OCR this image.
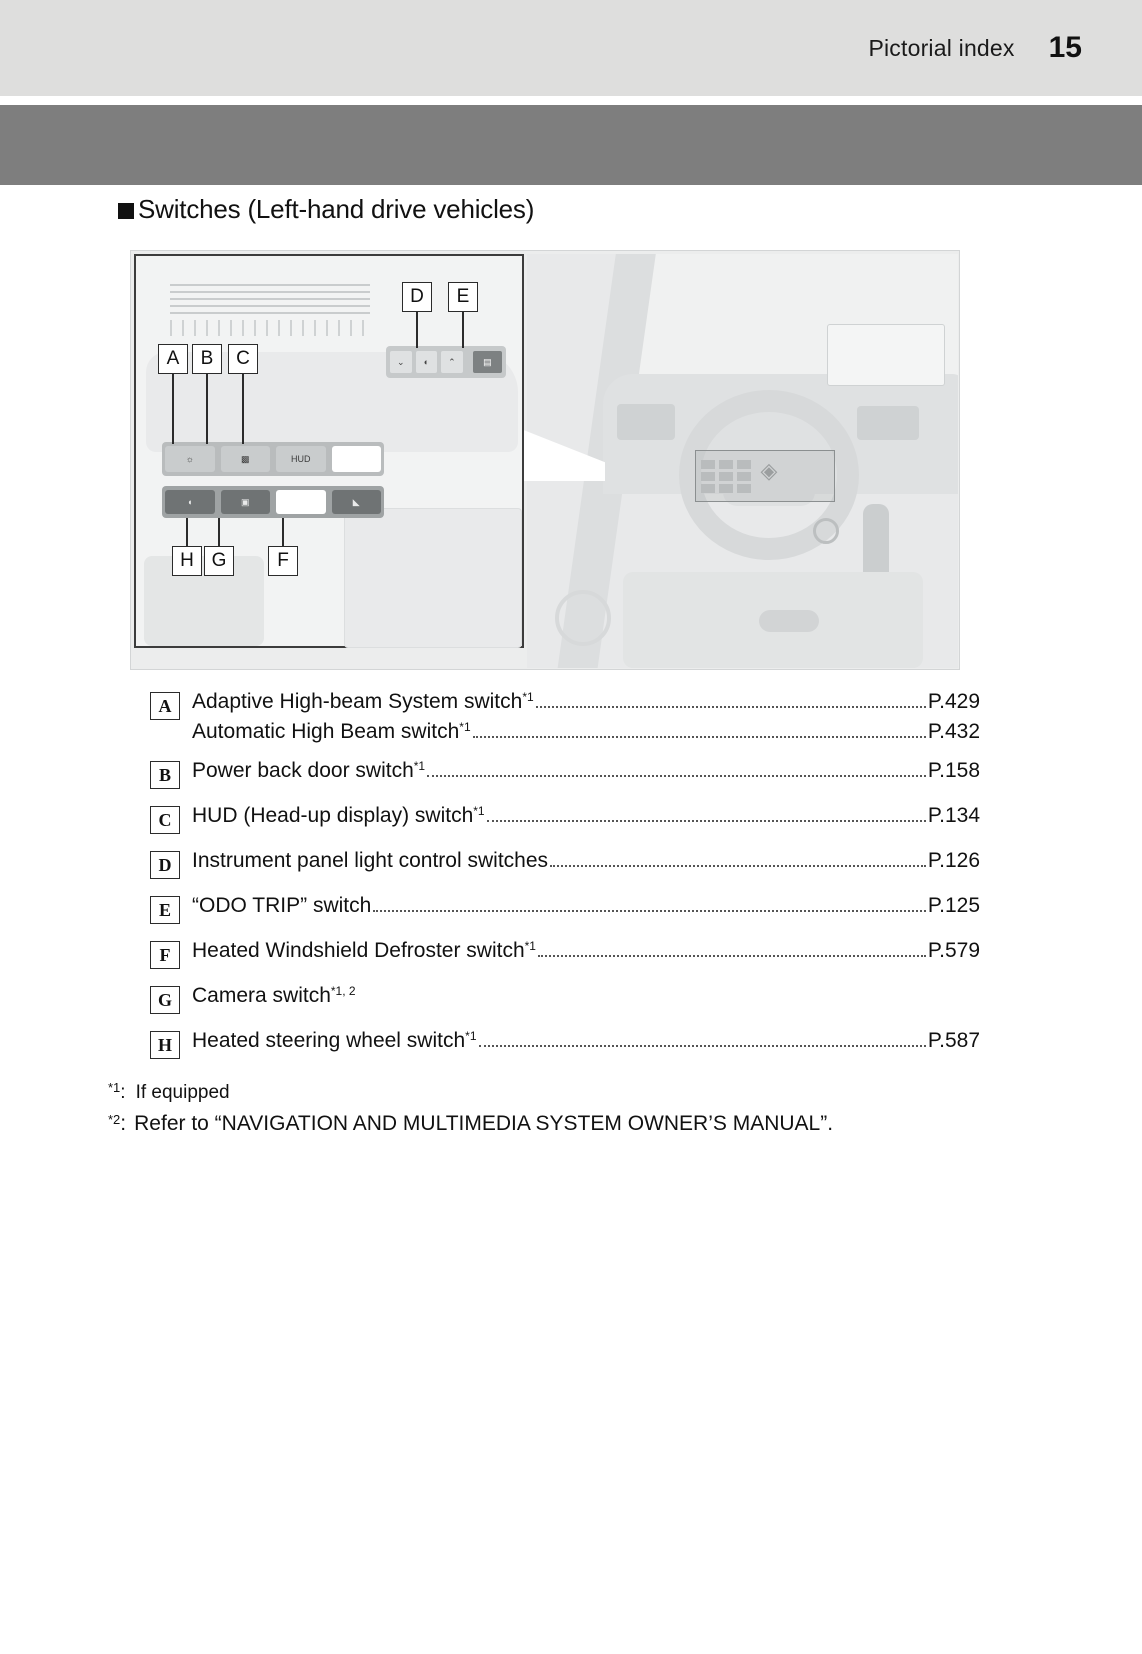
Pictorial index 15
Switches (Left-hand drive vehicles)
◈
⌄	◐	⌃	▤
☼	▩	HUD
◖	▣	◣
A	B	C
D	E
H G	F
A Adaptive High-beam System switch$^{*1}$	P.429
Automatic High Beam switch$^{*1}$	P.432
B	Power back door switch$^{*1}$	P.158
C HUD (Head-up display) switch$^{*1}$	P.134
D Instrument panel light control switches	P.126
E	“ODO TRIP” switch	P.125
F	Heated Windshield Defroster switch$^{*1}$	P.579
G Camera switch$^{*1, 2}$
H Heated steering wheel switch$^{*1}$	P.587
*1 : If equipped
*2 : Refer to “NAVIGATION AND MULTIMEDIA SYSTEM OWNER’S MANUAL”.
